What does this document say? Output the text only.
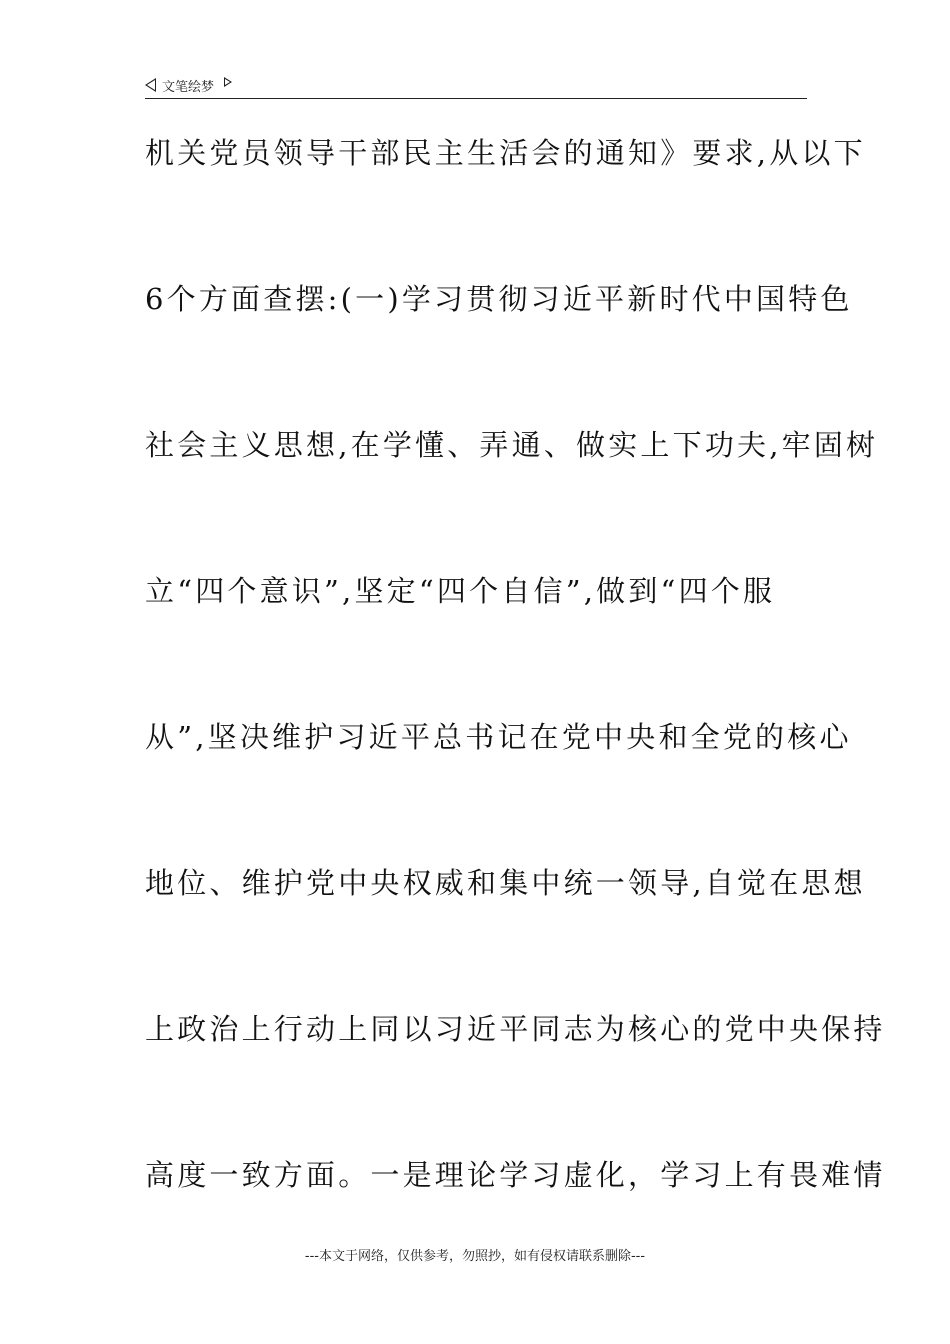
文笔绘梦
机关党员领导干部民主生活会的通知》要求,从以下
6个方面查摆:(一)学习贯彻习近平新时代中国特色
社会主义思想,在学懂、弄通、做实上下功夫,牢固树
立“四个意识”,坚定“四个自信”,做到“四个服
从”,坚决维护习近平总书记在党中央和全党的核心
地位、维护党中央权威和集中统一领导,自觉在思想
上政治上行动上同以习近平同志为核心的党中央保持
高度一致方面。一是理论学习虚化，学习上有畏难情
---本文于网络，仅供参考，勿照抄，如有侵权请联系删除---
